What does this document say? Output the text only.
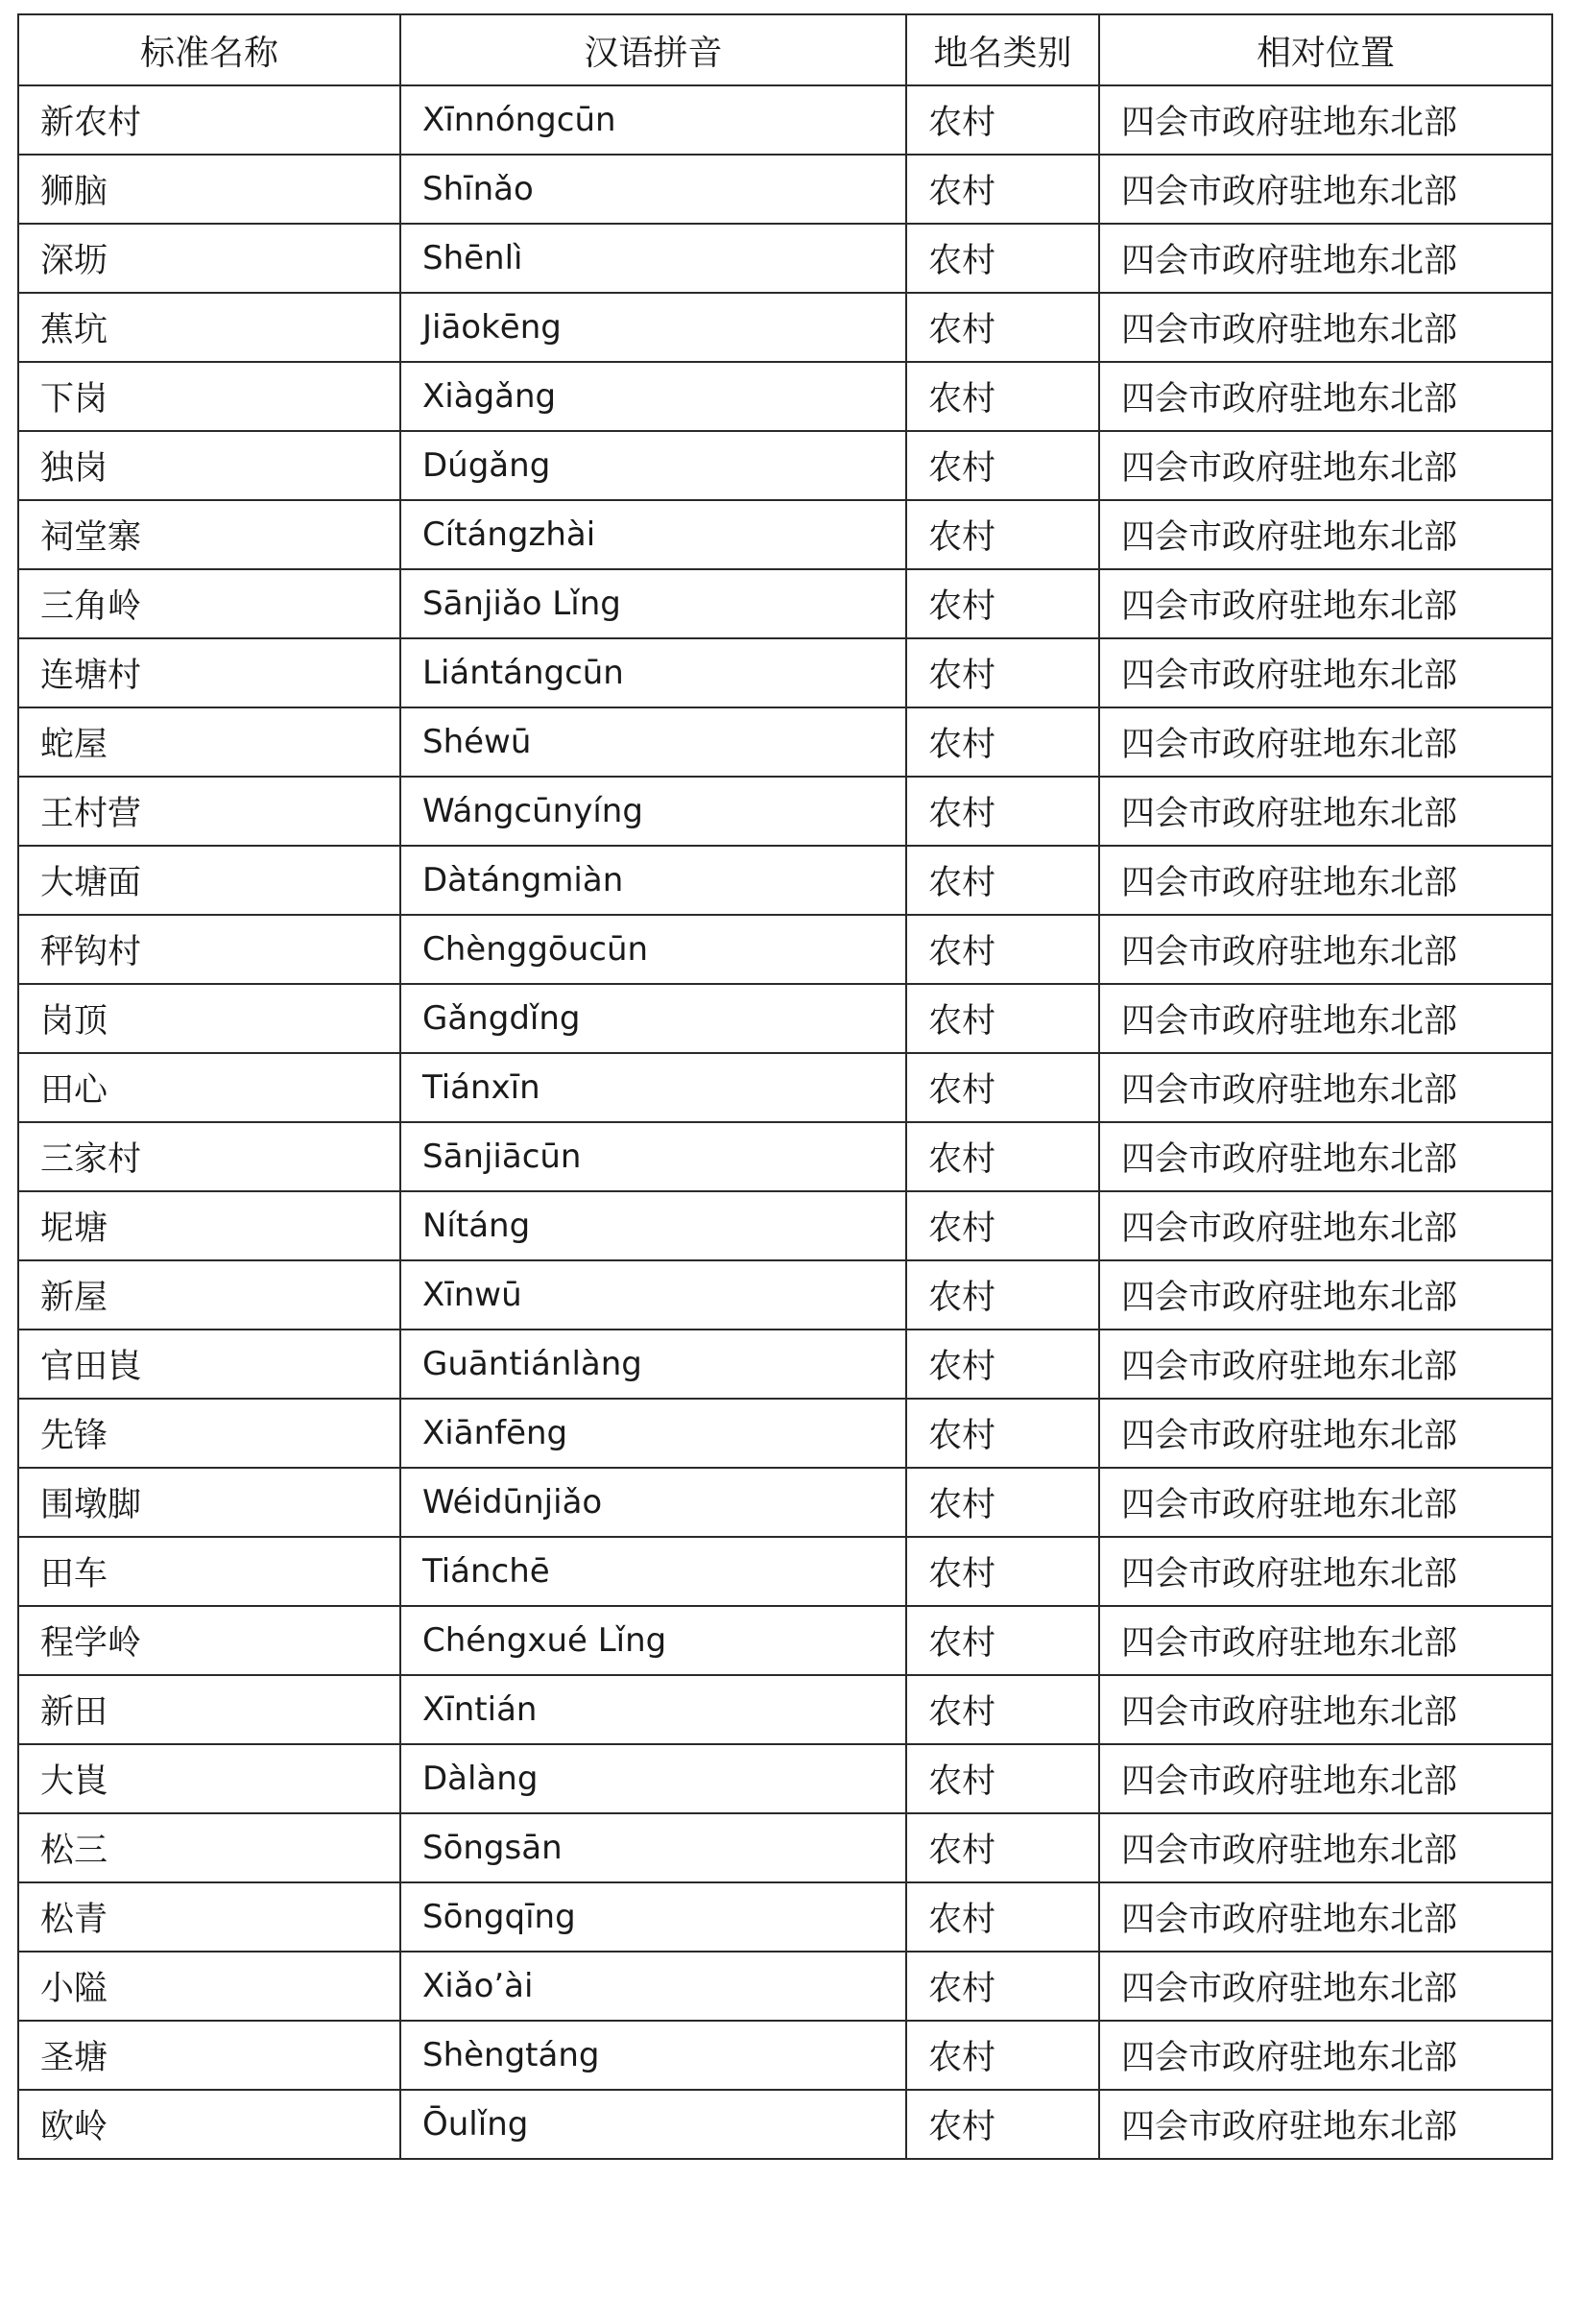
标准名称	汉语拼音	地名类别	相对位置
新农村	Xīnnóngcūn	农村	四会市政府驻地东北部
狮脑	Shīnǎo	农村	四会市政府驻地东北部
深坜	Shēnlì	农村	四会市政府驻地东北部
蕉坑	Jiāokēng	农村	四会市政府驻地东北部
下岗	Xiàgǎng	农村	四会市政府驻地东北部
独岗	Dúgǎng	农村	四会市政府驻地东北部
祠堂寨	Cítángzhài	农村	四会市政府驻地东北部
三角岭	Sānjiǎo Lǐng	农村	四会市政府驻地东北部
连塘村	Liántángcūn	农村	四会市政府驻地东北部
蛇屋	Shéwū	农村	四会市政府驻地东北部
王村营	Wángcūnyíng	农村	四会市政府驻地东北部
大塘面	Dàtángmiàn	农村	四会市政府驻地东北部
秤钩村	Chènggōucūn	农村	四会市政府驻地东北部
岗顶	Gǎngdǐng	农村	四会市政府驻地东北部
田心	Tiánxīn	农村	四会市政府驻地东北部
三家村	Sānjiācūn	农村	四会市政府驻地东北部
坭塘	Nítáng	农村	四会市政府驻地东北部
新屋	Xīnwū	农村	四会市政府驻地东北部
官田崀	Guāntiánlàng	农村	四会市政府驻地东北部
先锋	Xiānfēng	农村	四会市政府驻地东北部
围墩脚	Wéidūnjiǎo	农村	四会市政府驻地东北部
田车	Tiánchē	农村	四会市政府驻地东北部
程学岭	Chéngxué Lǐng	农村	四会市政府驻地东北部
新田	Xīntián	农村	四会市政府驻地东北部
大崀	Dàlàng	农村	四会市政府驻地东北部
松三	Sōngsān	农村	四会市政府驻地东北部
松青	Sōngqīng	农村	四会市政府驻地东北部
小隘	Xiǎo’ài	农村	四会市政府驻地东北部
圣塘	Shèngtáng	农村	四会市政府驻地东北部
欧岭	Ōulǐng	农村	四会市政府驻地东北部
